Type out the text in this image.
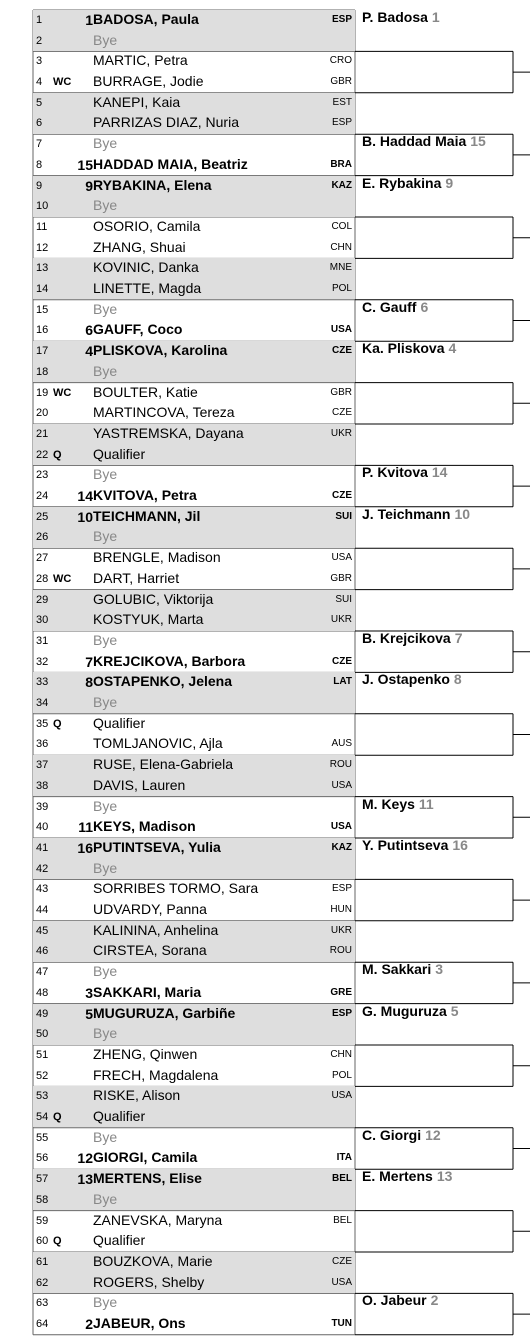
1	1 BADOSA, Paula	ESP
2	Bye
3	MARTIC, Petra	CRO
4 WC BURRAGE, Jodie	GBR
5	KANEPI, Kaia	EST
6	PARRIZAS DIAZ, Nuria	ESP
7	Bye
8	15 HADDAD MAIA, Beatriz	BRA
9	9 RYBAKINA, Elena	KAZ
10	Bye
11	OSORIO, Camila	COL
12	ZHANG, Shuai	CHN
13	KOVINIC, Danka	MNE
14	LINETTE, Magda	POL
15	Bye
16	6 GAUFF, Coco	USA
17	4 PLISKOVA, Karolina	CZE
18	Bye
19 WC BOULTER, Katie	GBR
20	MARTINCOVA, Tereza	CZE
21	YASTREMSKA, Dayana	UKR
22 Q Qualifier
23	Bye
24	14 KVITOVA, Petra	CZE
25	10 TEICHMANN, Jil	SUI
26	Bye
27	BRENGLE, Madison	USA
28 WC DART, Harriet	GBR
29	GOLUBIC, Viktorija	SUI
30	KOSTYUK, Marta	UKR
31	Bye
32	7 KREJCIKOVA, Barbora	CZE
33	8 OSTAPENKO, Jelena	LAT
34	Bye
35 Q Qualifier
36	TOMLJANOVIC, Ajla	AUS
37	RUSE, Elena-Gabriela	ROU
38	DAVIS, Lauren	USA
39	Bye
40	11 KEYS, Madison	USA
41	16 PUTINTSEVA, Yulia	KAZ
42	Bye
43	SORRIBES TORMO, Sara	ESP
44	UDVARDY, Panna	HUN
45	KALININA, Anhelina	UKR
46	CIRSTEA, Sorana	ROU
47	Bye
48	3 SAKKARI, Maria	GRE
49	5 MUGURUZA, Garbiñe	ESP
50	Bye
51	ZHENG, Qinwen	CHN
52	FRECH, Magdalena	POL
53	RISKE, Alison	USA
54 Q Qualifier
55	Bye
56	12 GIORGI, Camila	ITA
57	13 MERTENS, Elise	BEL
58	Bye
59	ZANEVSKA, Maryna	BEL
60 Q Qualifier
61	BOUZKOVA, Marie	CZE
62	ROGERS, Shelby	USA
63	Bye
64	2 JABEUR, Ons	TUN
P. Badosa 1
B. Haddad Maia 15
E. Rybakina 9
C. Gauff 6
Ka. Pliskova 4
P. Kvitova 14
J. Teichmann 10
B. Krejcikova 7
J. Ostapenko 8
M. Keys 11
Y. Putintseva 16
M. Sakkari 3
G. Muguruza 5
C. Giorgi 12
E. Mertens 13
O. Jabeur 2
